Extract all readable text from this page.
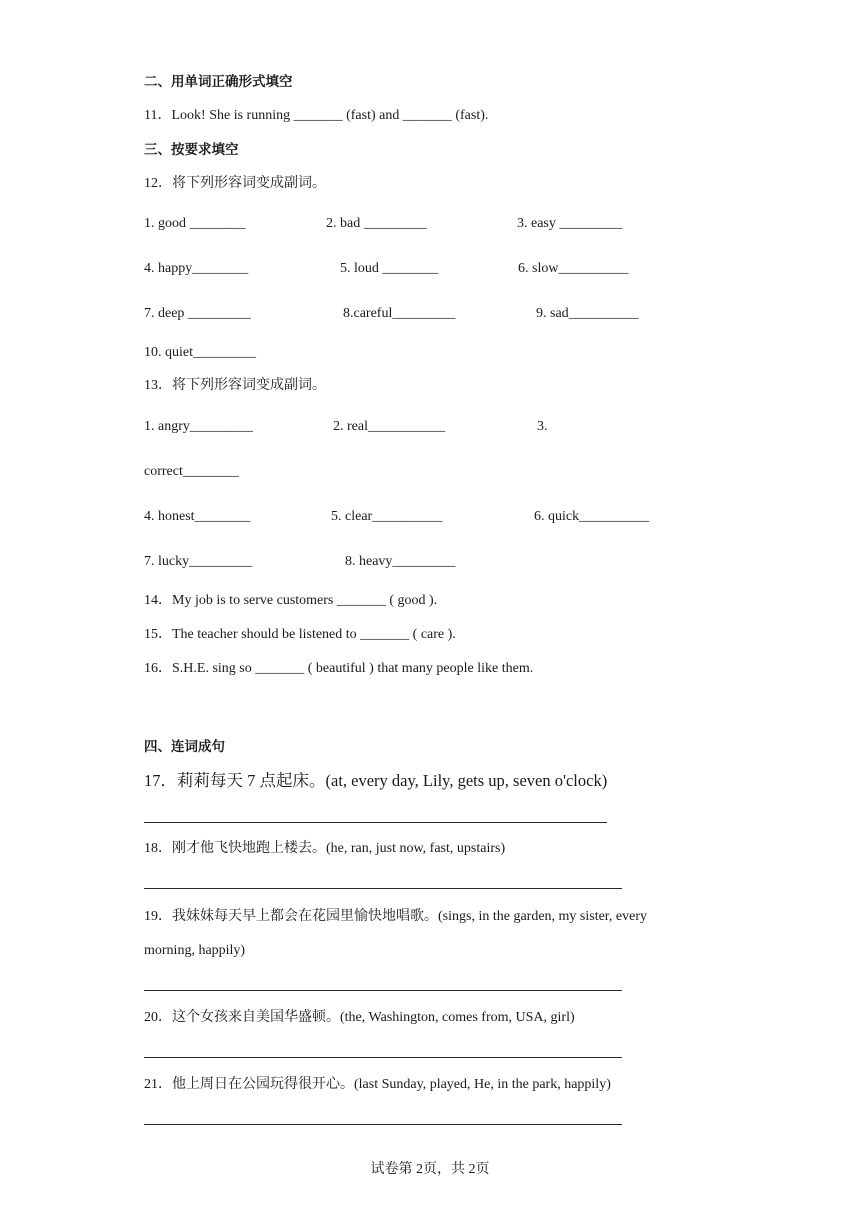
二、用单词正确形式填空
11．Look! She is running _______ (fast) and _______ (fast).
三、按要求填空
12．将下列形容词变成副词。
1. good ________	2. bad _________	3. easy _________
4. happy________	5. loud ________	6. slow__________
7. deep _________	8.careful_________	9. sad__________
10. quiet_________
13．将下列形容词变成副词。
1. angry_________	2. real___________	3.
correct________
4. honest________	5. clear__________	6. quick__________
7. lucky_________	8. heavy_________
14．My job is to serve customers _______ ( good ).
15．The teacher should be listened to _______ ( care ).
16．S.H.E. sing so _______ ( beautiful ) that many people like them.
四、连词成句
17．莉莉每天 7 点起床。(at, every day, Lily, gets up, seven o'clock)
18．刚才他飞快地跑上楼去。(he, ran, just now, fast, upstairs)
19．我妹妹每天早上都会在花园里愉快地唱歌。(sings, in the garden, my sister, every
morning, happily)
20．这个女孩来自美国华盛顿。(the, Washington, comes from, USA, girl)
21．他上周日在公园玩得很开心。(last Sunday, played, He, in the park, happily)
试卷第 2页，共 2页
